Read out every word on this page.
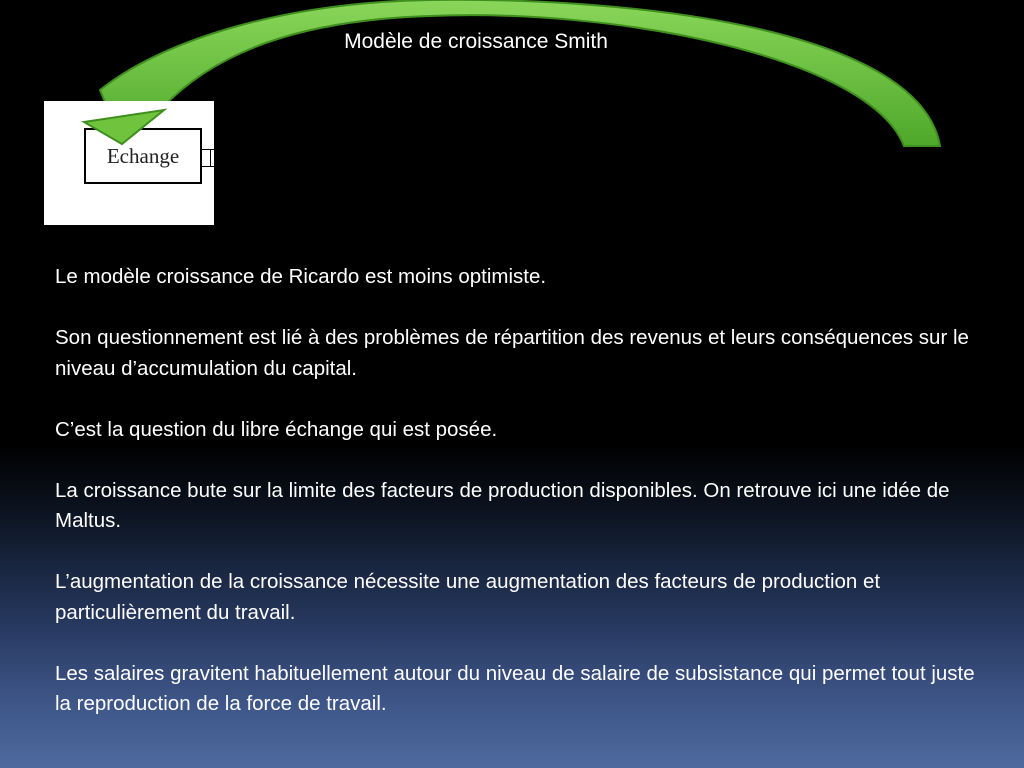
Modèle de croissance Smith
Echange

Le modèle croissance de Ricardo est moins optimiste.

Son questionnement est lié à des problèmes de répartition des revenus et leurs conséquences sur le niveau d’accumulation du capital.

C’est la question du libre échange qui est posée.

La croissance bute sur la limite des facteurs de production disponibles. On retrouve ici une idée de Maltus.

L’augmentation de la croissance nécessite une augmentation des facteurs de production et particulièrement du travail.

Les salaires gravitent habituellement autour du niveau de salaire de subsistance qui permet tout juste la reproduction de la force de travail.
